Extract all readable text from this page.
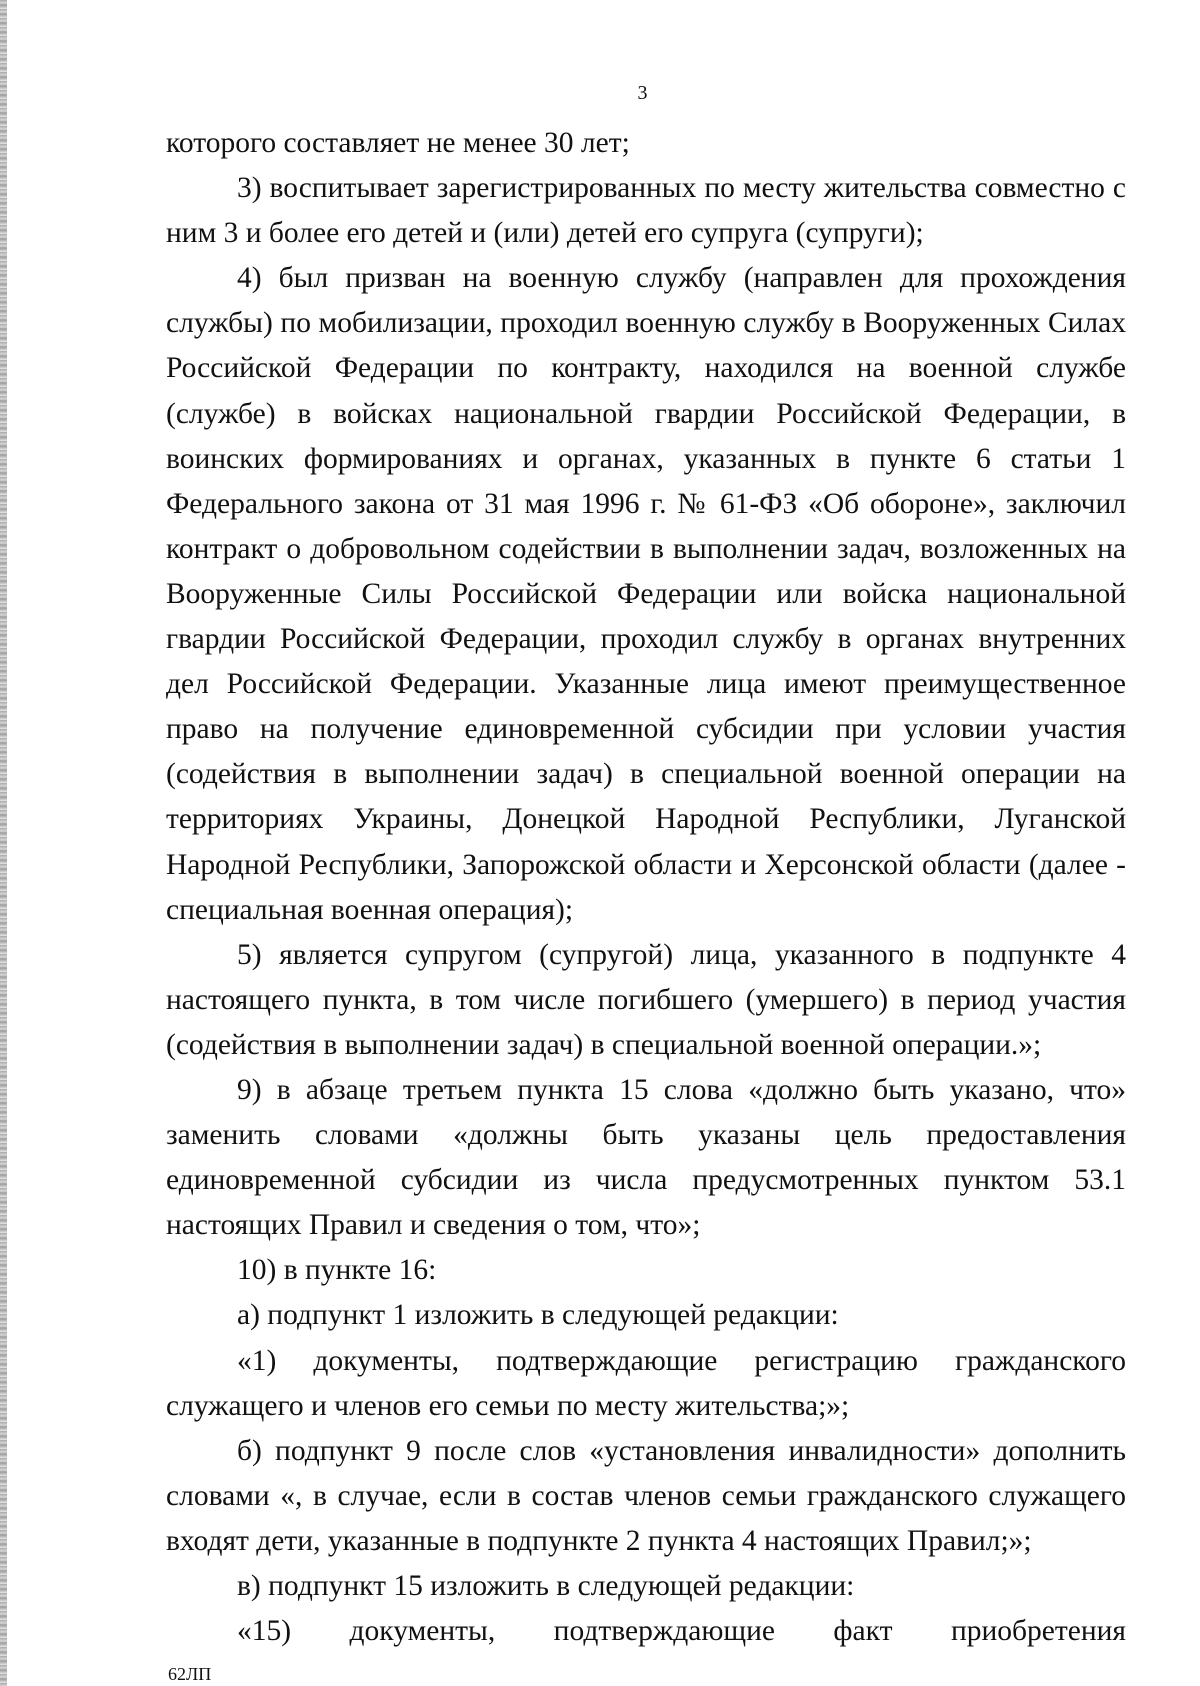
3

которого составляет не менее 30 лет;

3) воспитывает зарегистрированных по месту жительства совместно с ним 3 и более его детей и (или) детей его супруга (супруги);

4) был призван на военную службу (направлен для прохождения службы) по мобилизации, проходил военную службу в Вооруженных Силах Российской Федерации по контракту, находился на военной службе (службе) в войсках национальной гвардии Российской Федерации, в воинских формированиях и органах, указанных в пункте 6 статьи 1 Федерального закона от 31 мая 1996 г. № 61-ФЗ «Об обороне», заключил контракт о добровольном содействии в выполнении задач, возложенных на Вооруженные Силы Российской Федерации или войска национальной гвардии Российской Федерации, проходил службу в органах внутренних дел Российской Федерации. Указанные лица имеют преимущественное право на получение единовременной субсидии при условии участия (содействия в выполнении задач) в специальной военной операции на территориях Украины, Донецкой Народной Республики, Луганской Народной Республики, Запорожской области и Херсонской области (далее - специальная военная операция);

5) является супругом (супругой) лица, указанного в подпункте 4 настоящего пункта, в том числе погибшего (умершего) в период участия (содействия в выполнении задач) в специальной военной операции.»;

9) в абзаце третьем пункта 15 слова «должно быть указано, что» заменить словами «должны быть указаны цель предоставления единовременной субсидии из числа предусмотренных пунктом 53.1 настоящих Правил и сведения о том, что»;

10) в пункте 16:

а) подпункт 1 изложить в следующей редакции:

«1) документы, подтверждающие регистрацию гражданского служащего и членов его семьи по месту жительства;»;

б) подпункт 9 после слов «установления инвалидности» дополнить словами «, в случае, если в состав членов семьи гражданского служащего входят дети, указанные в подпункте 2 пункта 4 настоящих Правил;»;

в) подпункт 15 изложить в следующей редакции:

«15) документы, подтверждающие факт приобретения

62ЛП
